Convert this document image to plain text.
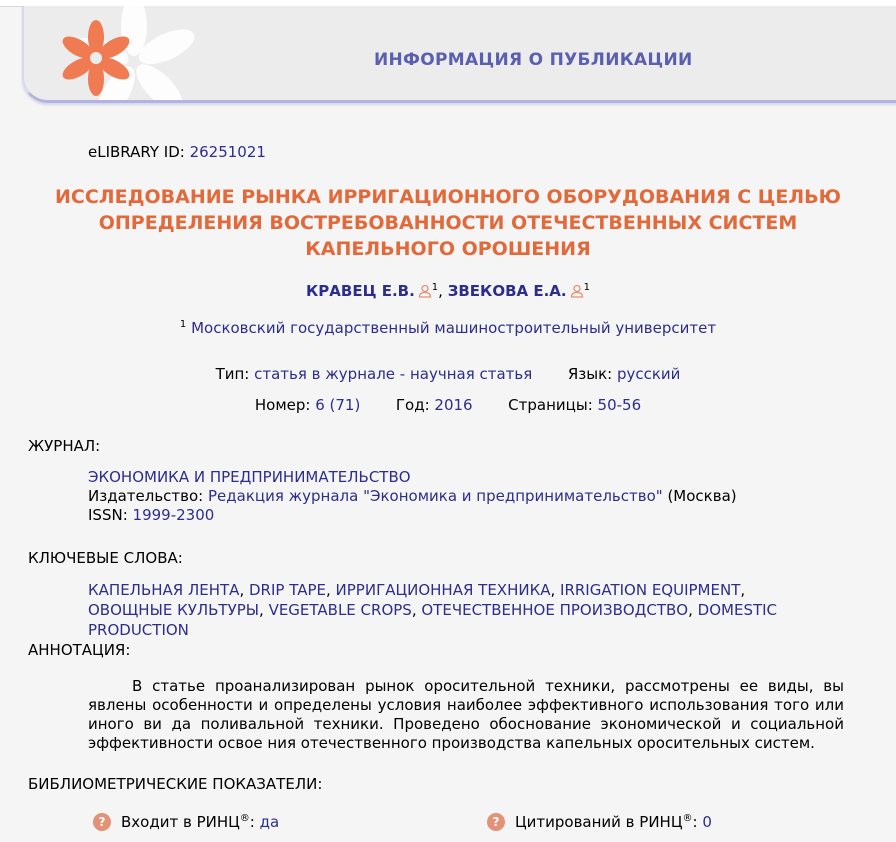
ИНФОРМАЦИЯ О ПУБЛИКАЦИИ
eLIBRARY ID: 26251021
ИССЛЕДОВАНИЕ РЫНКА ИРРИГАЦИОННОГО ОБОРУДОВАНИЯ С ЦЕЛЬЮ
ОПРЕДЕЛЕНИЯ ВОСТРЕБОВАННОСТИ ОТЕЧЕСТВЕННЫХ СИСТЕМ
КАПЕЛЬНОГО ОРОШЕНИЯ
КРАВЕЦ Е.В. $^1$, ЗВЕКОВА Е.А. $^1$
$^1$ Московский государственный машиностроительный университет
Тип: статья в журнале - научная статья Язык: русский
Номер: 6 (71) Год: 2016 Страницы: 50-56
ЖУРНАЛ:
ЭКОНОМИКА И ПРЕДПРИНИМАТЕЛЬСТВО
Издательство: Редакция журнала "Экономика и предпринимательство" (Москва)
ISSN: 1999-2300
КЛЮЧЕВЫЕ СЛОВА:
КАПЕЛЬНАЯ ЛЕНТА, DRIP TAPE, ИРРИГАЦИОННАЯ ТЕХНИКА, IRRIGATION EQUIPMENT, ОВОЩНЫЕ КУЛЬТУРЫ, VEGETABLE CROPS, ОТЕЧЕСТВЕННОЕ ПРОИЗВОДСТВО, DOMESTIC PRODUCTION
АННОТАЦИЯ:
В статье проанализирован рынок оросительной техники, рассмотрены ее виды, вы явлены особенности и определены условия наиболее эффективного использования того или иного ви да поливальной техники. Проведено обоснование экономической и социальной эффективности освое ния отечественного производства капельных оросительных систем.
БИБЛИОМЕТРИЧЕСКИЕ ПОКАЗАТЕЛИ:
? Входит в РИНЦ®: да	? Цитирований в РИНЦ®: 0
